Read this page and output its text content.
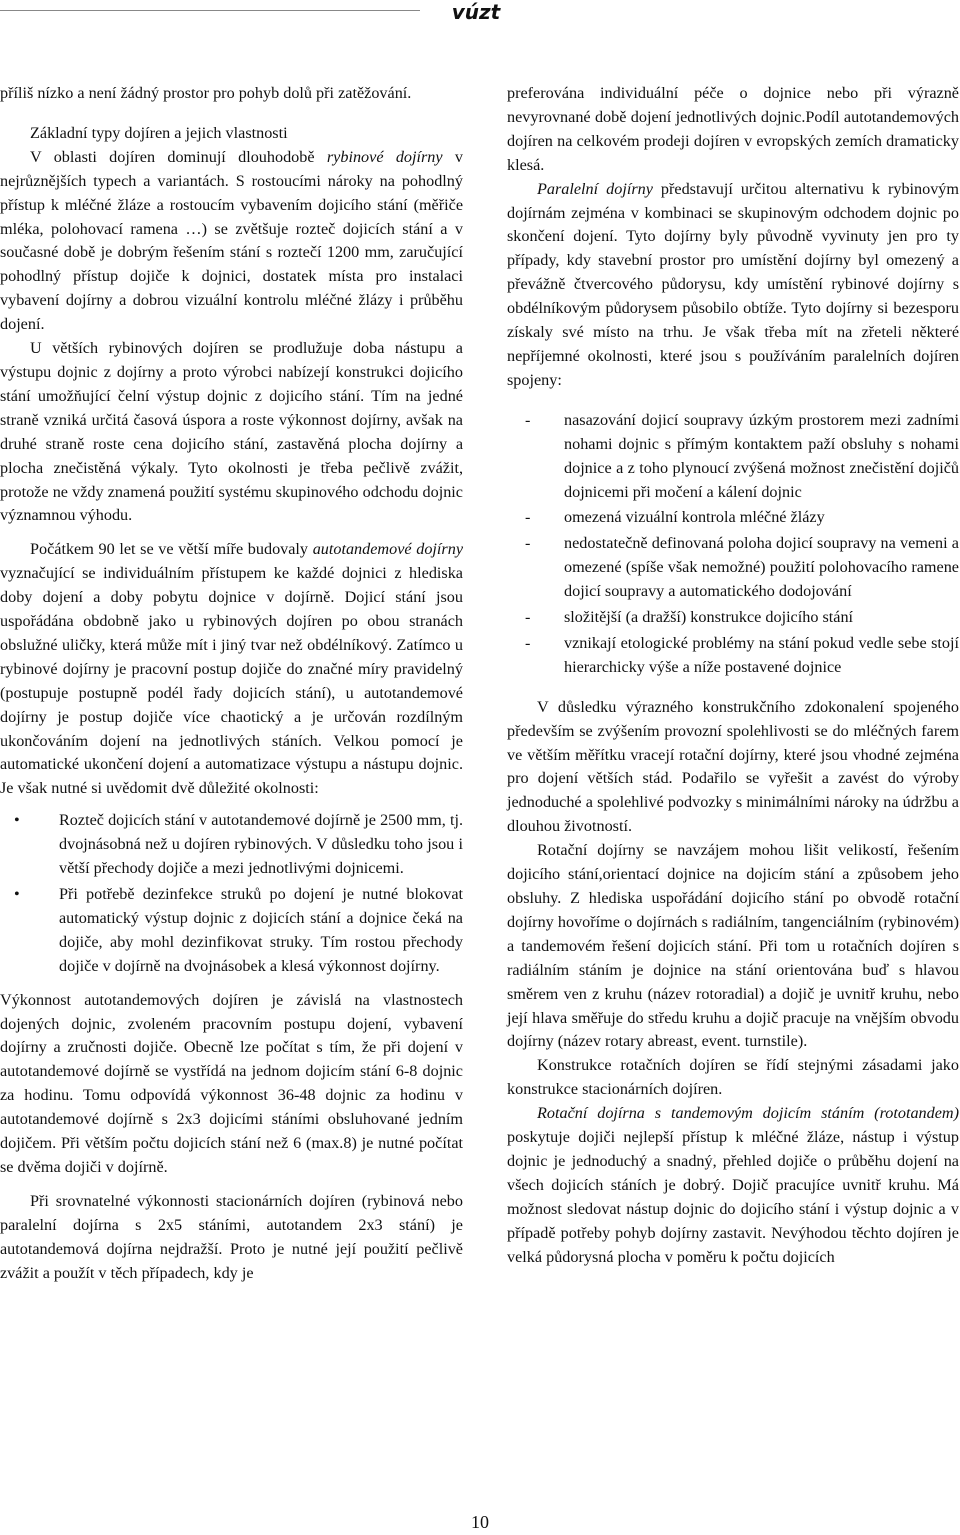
vúzt

příliš nízko a není žádný prostor pro pohyb dolů při zatěžování.

Základní typy dojíren a jejich vlastnosti

V oblasti dojíren dominují dlouhodobě rybinové dojírny v nejrůznějších typech a variantách. S rostoucími nároky na pohodlný přístup k mléčné žláze a rostoucím vybavením dojicího stání (měřiče mléka, polohovací ramena …) se zvětšuje rozteč dojicích stání a v současné době je dobrým řešením stání s roztečí 1200 mm, zaručující pohodlný přístup dojiče k dojnici, dostatek místa pro instalaci vybavení dojírny a dobrou vizuální kontrolu mléčné žlázy i průběhu dojení.

U větších rybinových dojíren se prodlužuje doba nástupu a výstupu dojnic z dojírny a proto výrobci nabízejí konstrukci dojicího stání umožňující čelní výstup dojnic z dojicího stání. Tím na jedné straně vzniká určitá časová úspora a roste výkonnost dojírny, avšak na druhé straně roste cena dojicího stání, zastavěná plocha dojírny a plocha znečistěná výkaly. Tyto okolnosti je třeba pečlivě zvážit, protože ne vždy znamená použití systému skupinového odchodu dojnic významnou výhodu.

Počátkem 90 let se ve větší míře budovaly autotandemové dojírny vyznačující se individuálním přístupem ke každé dojnici z hlediska doby dojení a doby pobytu dojnice v dojírně. Dojicí stání jsou uspořádána obdobně jako u rybinových dojíren po obou stranách obslužné uličky, která může mít i jiný tvar než obdélníkový. Zatímco u rybinové dojírny je pracovní postup dojiče do značné míry pravidelný (postupuje postupně podél řady dojicích stání), u autotandemové dojírny je postup dojiče více chaotický a je určován rozdílným ukončováním dojení na jednotlivých stáních. Velkou pomocí je automatické ukončení dojení a automatizace výstupu a nástupu dojnic. Je však nutné si uvědomit dvě důležité okolnosti:

• Rozteč dojicích stání v autotandemové dojírně je 2500 mm, tj. dvojnásobná než u dojíren rybinových. V důsledku toho jsou i větší přechody dojiče a mezi jednotlivými dojnicemi.
• Při potřebě dezinfekce struků po dojení je nutné blokovat automatický výstup dojnic z dojicích stání a dojnice čeká na dojiče, aby mohl dezinfikovat struky. Tím rostou přechody dojiče v dojírně na dvojnásobek a klesá výkonnost dojírny.

Výkonnost autotandemových dojíren je závislá na vlastnostech dojených dojnic, zvoleném pracovním postupu dojení, vybavení dojírny a zručnosti dojiče. Obecně lze počítat s tím, že při dojení v autotandemové dojírně se vystřídá na jednom dojicím stání 6-8 dojnic za hodinu. Tomu odpovídá výkonnost 36-48 dojnic za hodinu v autotandemové dojírně s 2x3 dojicími stáními obsluhované jedním dojičem. Při větším počtu dojicích stání než 6 (max.8) je nutné počítat se dvěma dojiči v dojírně.

Při srovnatelné výkonnosti stacionárních dojíren (rybinová nebo paralelní dojírna s 2x5 stáními, autotandem 2x3 stání) je autotandemová dojírna nejdražší. Proto je nutné její použití pečlivě zvážit a použít v těch případech, kdy je

preferována individuální péče o dojnice nebo při výrazně nevyrovnané době dojení jednotlivých dojnic.Podíl autotandemových dojíren na celkovém prodeji dojíren v evropských zemích dramaticky klesá.

Paralelní dojírny představují určitou alternativu k rybinovým dojírnám zejména v kombinaci se skupinovým odchodem dojnic po skončení dojení. Tyto dojírny byly původně vyvinuty jen pro ty případy, kdy stavební prostor pro umístění dojírny byl omezený a převážně čtvercového půdorysu, kdy umístění rybinové dojírny s obdélníkovým půdorysem působilo obtíže. Tyto dojírny si bezesporu získaly své místo na trhu. Je však třeba mít na zřeteli některé nepříjemné okolnosti, které jsou s používáním paralelních dojíren spojeny:

- nasazování dojicí soupravy úzkým prostorem mezi zadními nohami dojnic s přímým kontaktem paží obsluhy s nohami dojnice a z toho plynoucí zvýšená možnost znečistění dojičů dojnicemi při močení a kálení dojnic
- omezená vizuální kontrola mléčné žlázy
- nedostatečně definovaná poloha dojicí soupravy na vemeni a omezené (spíše však nemožné) použití polohovacího ramene dojicí soupravy a automatického dodojování
- složitější (a dražší) konstrukce dojicího stání
- vznikají etologické problémy na stání pokud vedle sebe stojí hierarchicky výše a níže postavené dojnice

V důsledku výrazného konstrukčního zdokonalení spojeného především se zvýšením provozní spolehlivosti se do mléčných farem ve větším měřítku vracejí rotační dojírny, které jsou vhodné zejména pro dojení větších stád. Podařilo se vyřešit a zavést do výroby jednoduché a spolehlivé podvozky s minimálními nároky na údržbu a dlouhou životností.

Rotační dojírny se navzájem mohou lišit velikostí, řešením dojicího stání,orientací dojnice na dojicím stání a způsobem jeho obsluhy. Z hlediska uspořádání dojicího stání po obvodě rotační dojírny hovoříme o dojírnách s radiálním, tangenciálním (rybinovém) a tandemovém řešení dojicích stání. Při tom u rotačních dojíren s radiálním stáním je dojnice na stání orientována buď s hlavou směrem ven z kruhu (název rotoradial) a dojič je uvnitř kruhu, nebo její hlava směřuje do středu kruhu a dojič pracuje na vnějším obvodu dojírny (název rotary abreast, event. turnstile).

Konstrukce rotačních dojíren se řídí stejnými zásadami jako konstrukce stacionárních dojíren.

Rotační dojírna s tandemovým dojicím stáním (rototandem) poskytuje dojiči nejlepší přístup k mléčné žláze, nástup i výstup dojnic je jednoduchý a snadný, přehled dojiče o průběhu dojení na všech dojicích stáních je dobrý. Dojič pracujíce uvnitř kruhu. Má možnost sledovat nástup dojnic do dojicího stání i výstup dojnic a v případě potřeby pohyb dojírny zastavit. Nevýhodou těchto dojíren je velká půdorysná plocha v poměru k počtu dojicích

10
